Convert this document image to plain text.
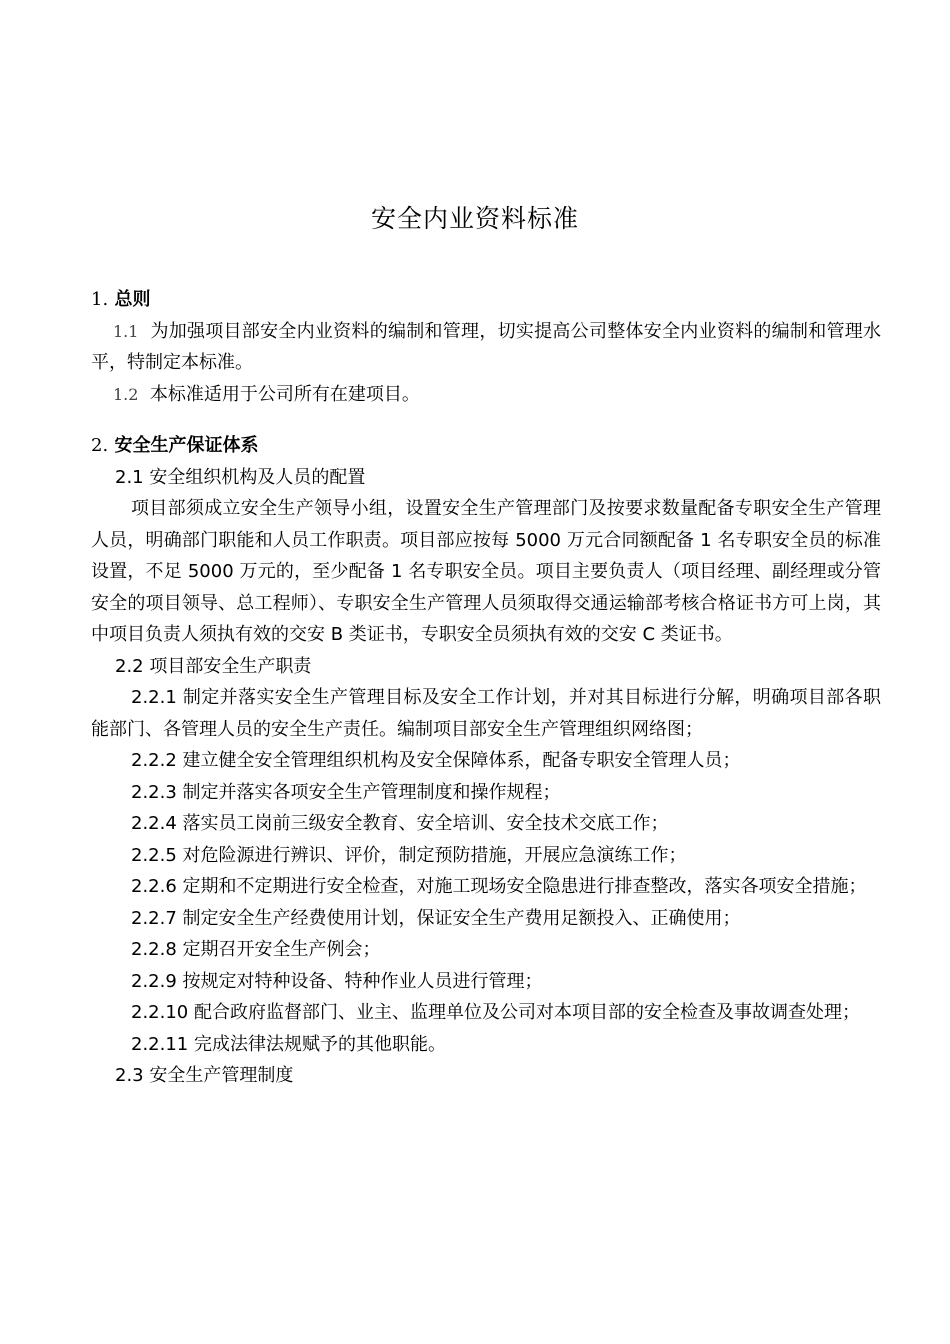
安全内业资料标准

1. 总则

1.1 为加强项目部安全内业资料的编制和管理，切实提高公司整体安全内业资料的编制和管理水平，特制定本标准。

1.2 本标准适用于公司所有在建项目。

2. 安全生产保证体系

2.1 安全组织机构及人员的配置

项目部须成立安全生产领导小组，设置安全生产管理部门及按要求数量配备专职安全生产管理人员，明确部门职能和人员工作职责。项目部应按每 5000 万元合同额配备 1 名专职安全员的标准设置，不足 5000 万元的，至少配备 1 名专职安全员。项目主要负责人（项目经理、副经理或分管安全的项目领导、总工程师）、专职安全生产管理人员须取得交通运输部考核合格证书方可上岗，其中项目负责人须执有效的交安 B 类证书，专职安全员须执有效的交安 C 类证书。

2.2 项目部安全生产职责

2.2.1 制定并落实安全生产管理目标及安全工作计划，并对其目标进行分解，明确项目部各职能部门、各管理人员的安全生产责任。编制项目部安全生产管理组织网络图；

2.2.2 建立健全安全管理组织机构及安全保障体系，配备专职安全管理人员；

2.2.3 制定并落实各项安全生产管理制度和操作规程；

2.2.4 落实员工岗前三级安全教育、安全培训、安全技术交底工作；

2.2.5 对危险源进行辨识、评价，制定预防措施，开展应急演练工作；

2.2.6 定期和不定期进行安全检查，对施工现场安全隐患进行排查整改，落实各项安全措施；

2.2.7 制定安全生产经费使用计划，保证安全生产费用足额投入、正确使用；

2.2.8 定期召开安全生产例会；

2.2.9 按规定对特种设备、特种作业人员进行管理；

2.2.10 配合政府监督部门、业主、监理单位及公司对本项目部的安全检查及事故调查处理；

2.2.11 完成法律法规赋予的其他职能。

2.3 安全生产管理制度
